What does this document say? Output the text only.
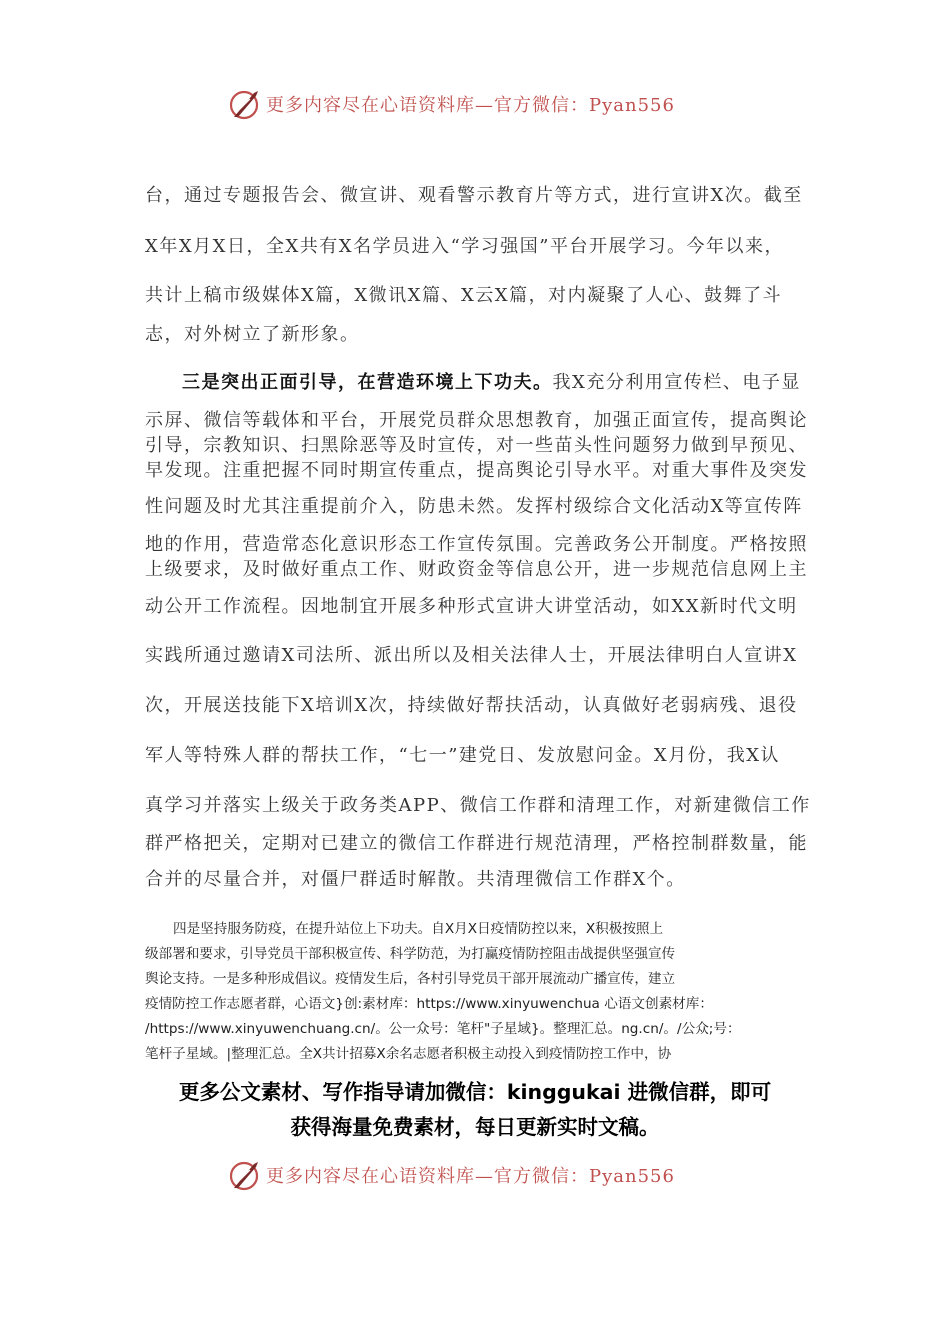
更多内容尽在心语资料库—官方微信：Pyan556
台，通过专题报告会、微宣讲、观看警示教育片等方式，进行宣讲X次。截至
X年X月X日，全X共有X名学员进入“学习强国”平台开展学习。今年以来，
共计上稿市级媒体X篇，X微讯X篇、X云X篇，对内凝聚了人心、鼓舞了斗
志，对外树立了新形象。
三是突出正面引导，在营造环境上下功夫。我X充分利用宣传栏、电子显
示屏、微信等载体和平台，开展党员群众思想教育，加强正面宣传，提高舆论
引导，宗教知识、扫黑除恶等及时宣传，对一些苗头性问题努力做到早预见、
早发现。注重把握不同时期宣传重点，提高舆论引导水平。对重大事件及突发
性问题及时尤其注重提前介入，防患未然。发挥村级综合文化活动X等宣传阵
地的作用，营造常态化意识形态工作宣传氛围。完善政务公开制度。严格按照
上级要求，及时做好重点工作、财政资金等信息公开，进一步规范信息网上主
动公开工作流程。因地制宜开展多种形式宣讲大讲堂活动，如XX新时代文明
实践所通过邀请X司法所、派出所以及相关法律人士，开展法律明白人宣讲X
次，开展送技能下X培训X次，持续做好帮扶活动，认真做好老弱病残、退役
军人等特殊人群的帮扶工作，“七一”建党日、发放慰问金。X月份，我X认
真学习并落实上级关于政务类APP、微信工作群和清理工作，对新建微信工作
群严格把关，定期对已建立的微信工作群进行规范清理，严格控制群数量，能
合并的尽量合并，对僵尸群适时解散。共清理微信工作群X个。
四是坚持服务防疫，在提升站位上下功夫。自X月X日疫情防控以来，X积极按照上
级部署和要求，引导党员干部积极宣传、科学防范，为打赢疫情防控阻击战提供坚强宣传
舆论支持。一是多种形成倡议。疫情发生后，各村引导党员干部开展流动广播宣传，建立
疫情防控工作志愿者群，心语文}创:素材库：https://www.xinyuwenchua 心语文创素材库：
/https://www.xinyuwenchuang.cn/。公一众号：笔杆"子星域}。整理汇总。ng.cn/。/公众;号：
笔杆子星域。|整理汇总。全X共计招募X余名志愿者积极主动投入到疫情防控工作中，协
更多公文素材、写作指导请加微信：kinggukai 进微信群，即可
获得海量免费素材，每日更新实时文稿。
更多内容尽在心语资料库—官方微信：Pyan556
